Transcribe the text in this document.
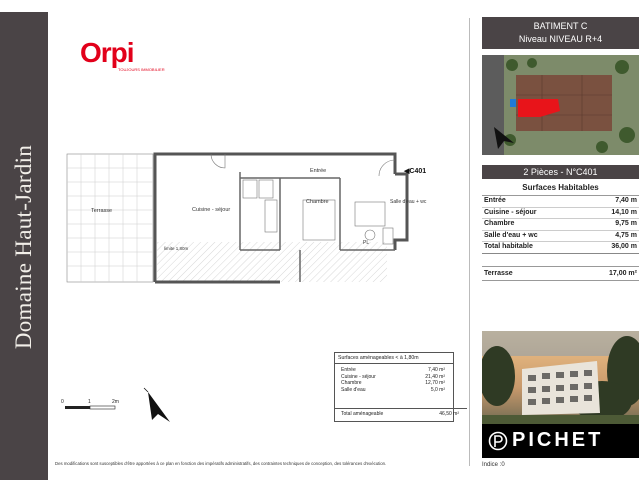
Domaine Haut-Jardin
Orpi
TOUJOURS IMMOBILIER
Entrée
Cuisine - séjour
Chambre	Salle d'eau + wc
Terrasse
limite 1,80m
PL
◀C401
0	1	2m
Surfaces aménageables < à 1,80m
Entrée	7,40 m²
Cuisine - séjour	21,40 m²
Chambre	12,70 m²
Salle d'eau	5,0 m²
Total aménageable	46,50 m²
Des modifications sont susceptibles d'être apportées à ce plan en fonction des impératifs administratifs, des contraintes techniques de conception, des tolérances d'exécution.
BATIMENT C
Niveau NIVEAU R+4
2 Pièces - N°C401
Surfaces Habitables
Entrée	7,40 m
Cuisine - séjour	14,10 m
Chambre	9,75 m
Salle d'eau + wc	4,75 m
Total habitable	36,00 m
Terrasse	17,00 m²
PICHET
Indice :0
